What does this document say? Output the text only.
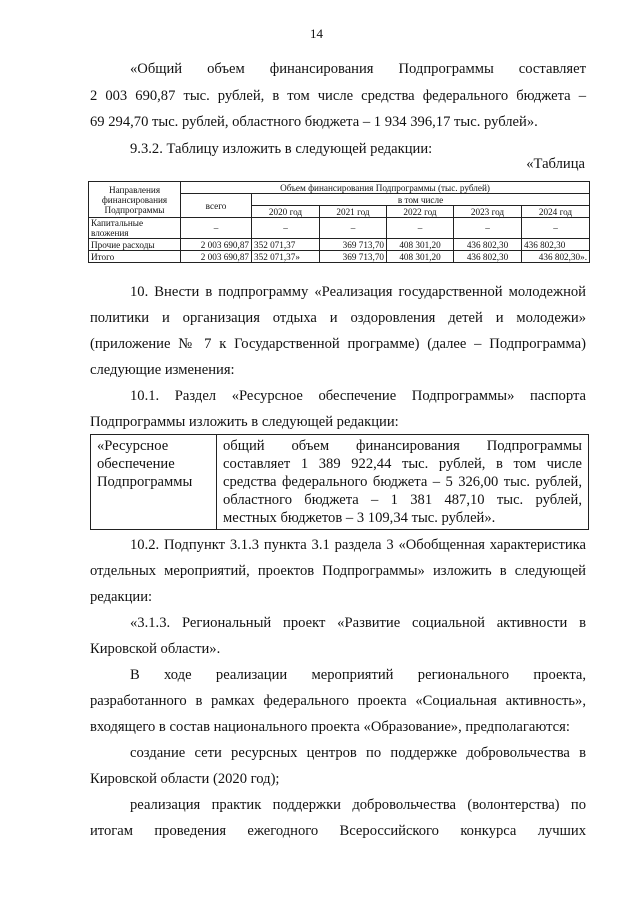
14
«Общий объем финансирования Подпрограммы составляет
2 003 690,87 тыс. рублей, в том числе средства федерального бюджета –
69 294,70 тыс. рублей, областного бюджета – 1 934 396,17 тыс. рублей».
9.3.2. Таблицу изложить в следующей редакции:
«Таблица
Направления
финансирования
Подпрограммы	Объем финансирования Подпрограммы (тыс. рублей)					
	всего	в том числе				
		2020 год	2021 год	2022 год	2023 год	2024 год

Капитальные
вложения	–	–	–	–	–	–
Прочие расходы	2 003 690,87	352 071,37	369 713,70	408 301,20	436 802,30	436 802,30
Итого	2 003 690,87	352 071,37»	369 713,70	408 301,20	436 802,30	436 802,30».
10. Внести в подпрограмму «Реализация государственной молодежной
политики и организация отдыха и оздоровления детей и молодежи»
(приложение № 7 к Государственной программе) (далее – Подпрограмма)
следующие изменения:
10.1. Раздел «Ресурсное обеспечение Подпрограммы» паспорта
Подпрограммы изложить в следующей редакции:
«Ресурсное
обеспечение
Подпрограммы

общий объем финансирования Подпрограммы
составляет 1 389 922,44 тыс. рублей, в том числе
средства федерального бюджета – 5 326,00 тыс. рублей,
областного бюджета – 1 381 487,10 тыс. рублей,
местных бюджетов – 3 109,34 тыс. рублей».
10.2. Подпункт 3.1.3 пункта 3.1 раздела 3 «Обобщенная характеристика
отдельных мероприятий, проектов Подпрограммы» изложить в следующей
редакции:
«3.1.3. Региональный проект «Развитие социальной активности в
Кировской области».
В ходе реализации мероприятий регионального проекта,
разработанного в рамках федерального проекта «Социальная активность»,
входящего в состав национального проекта «Образование», предполагаются:
создание сети ресурсных центров по поддержке добровольчества в
Кировской области (2020 год);
реализация практик поддержки добровольчества (волонтерства) по
итогам проведения ежегодного Всероссийского конкурса лучших
